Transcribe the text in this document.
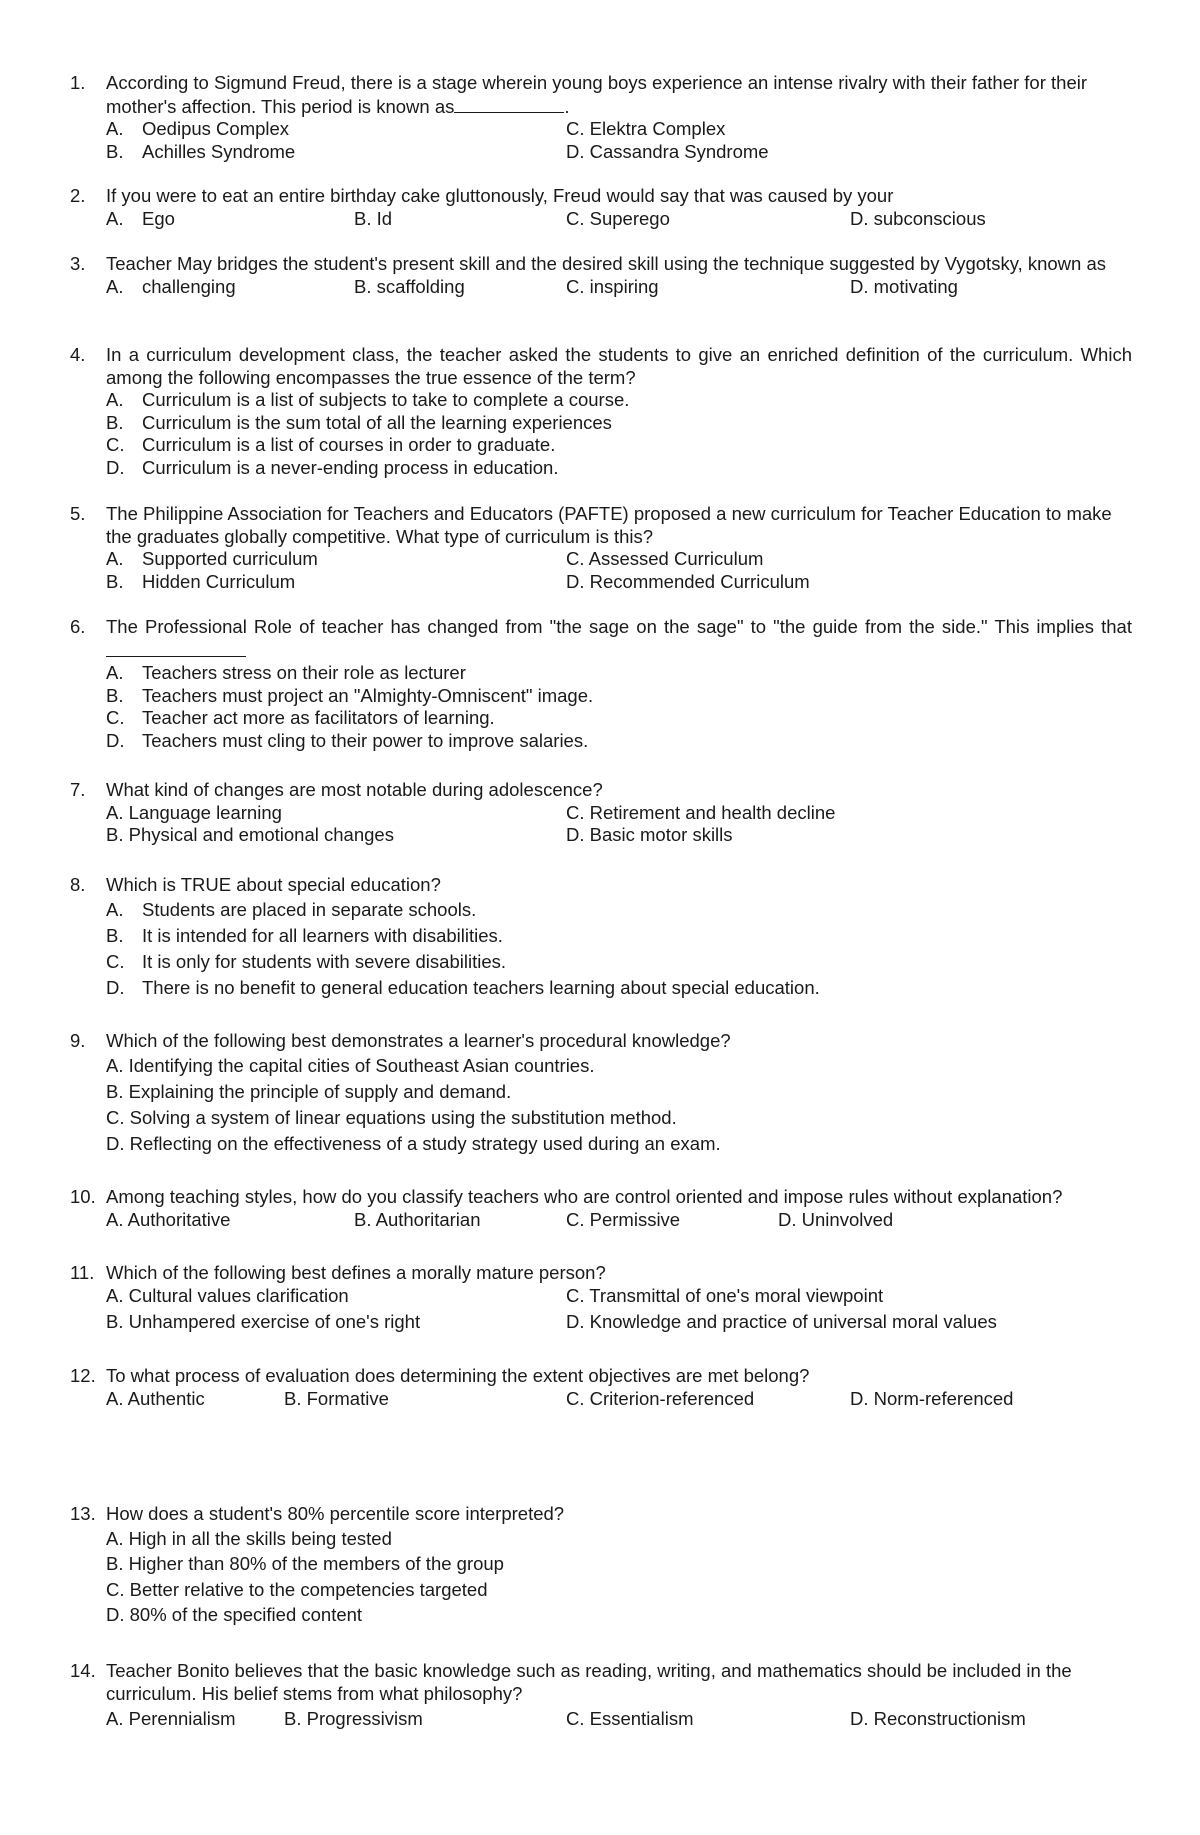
1.	According to Sigmund Freud, there is a stage wherein young boys experience an intense rivalry with their father for their mother's affection. This period is known as	.
A. Oedipus Complex	C. Elektra Complex
B. Achilles Syndrome	D. Cassandra Syndrome
2.	If you were to eat an entire birthday cake gluttonously, Freud would say that was caused by your
A. Ego	B. Id	C. Superego	D. subconscious
3.	Teacher May bridges the student's present skill and the desired skill using the technique suggested by Vygotsky, known as
A. challenging	B. scaffolding	C. inspiring	D. motivating
4.	In a curriculum development class, the teacher asked the students to give an enriched definition of the curriculum. Which among the following encompasses the true essence of the term?
A. Curriculum is a list of subjects to take to complete a course.
B. Curriculum is the sum total of all the learning experiences
C. Curriculum is a list of courses in order to graduate.
D. Curriculum is a never-ending process in education.
5.	The Philippine Association for Teachers and Educators (PAFTE) proposed a new curriculum for Teacher Education to make the graduates globally competitive. What type of curriculum is this?
A. Supported curriculum	C. Assessed Curriculum
B. Hidden Curriculum	D. Recommended Curriculum
6.	The Professional Role of teacher has changed from "the sage on the sage" to "the guide from the side." This implies that
A. Teachers stress on their role as lecturer
B. Teachers must project an "Almighty-Omniscent" image.
C. Teacher act more as facilitators of learning.
D. Teachers must cling to their power to improve salaries.
7.	What kind of changes are most notable during adolescence?
A. Language learning	C. Retirement and health decline
B. Physical and emotional changes	D. Basic motor skills
8.	Which is TRUE about special education?
A. Students are placed in separate schools.
B. It is intended for all learners with disabilities.
C. It is only for students with severe disabilities.
D. There is no benefit to general education teachers learning about special education.
9.	Which of the following best demonstrates a learner's procedural knowledge?
A. Identifying the capital cities of Southeast Asian countries.
B. Explaining the principle of supply and demand.
C. Solving a system of linear equations using the substitution method.
D. Reflecting on the effectiveness of a study strategy used during an exam.
10. Among teaching styles, how do you classify teachers who are control oriented and impose rules without explanation?
A. Authoritative	B. Authoritarian	C. Permissive	D. Uninvolved
11. Which of the following best defines a morally mature person?
A. Cultural values clarification	C. Transmittal of one's moral viewpoint
B. Unhampered exercise of one's right	D. Knowledge and practice of universal moral values
12. To what process of evaluation does determining the extent objectives are met belong?
A. Authentic	B. Formative	C. Criterion-referenced	D. Norm-referenced
13. How does a student's 80% percentile score interpreted?
A. High in all the skills being tested
B. Higher than 80% of the members of the group
C. Better relative to the competencies targeted
D. 80% of the specified content
14. Teacher Bonito believes that the basic knowledge such as reading, writing, and mathematics should be included in the curriculum. His belief stems from what philosophy?
A. Perennialism	B. Progressivism	C. Essentialism	D. Reconstructionism
